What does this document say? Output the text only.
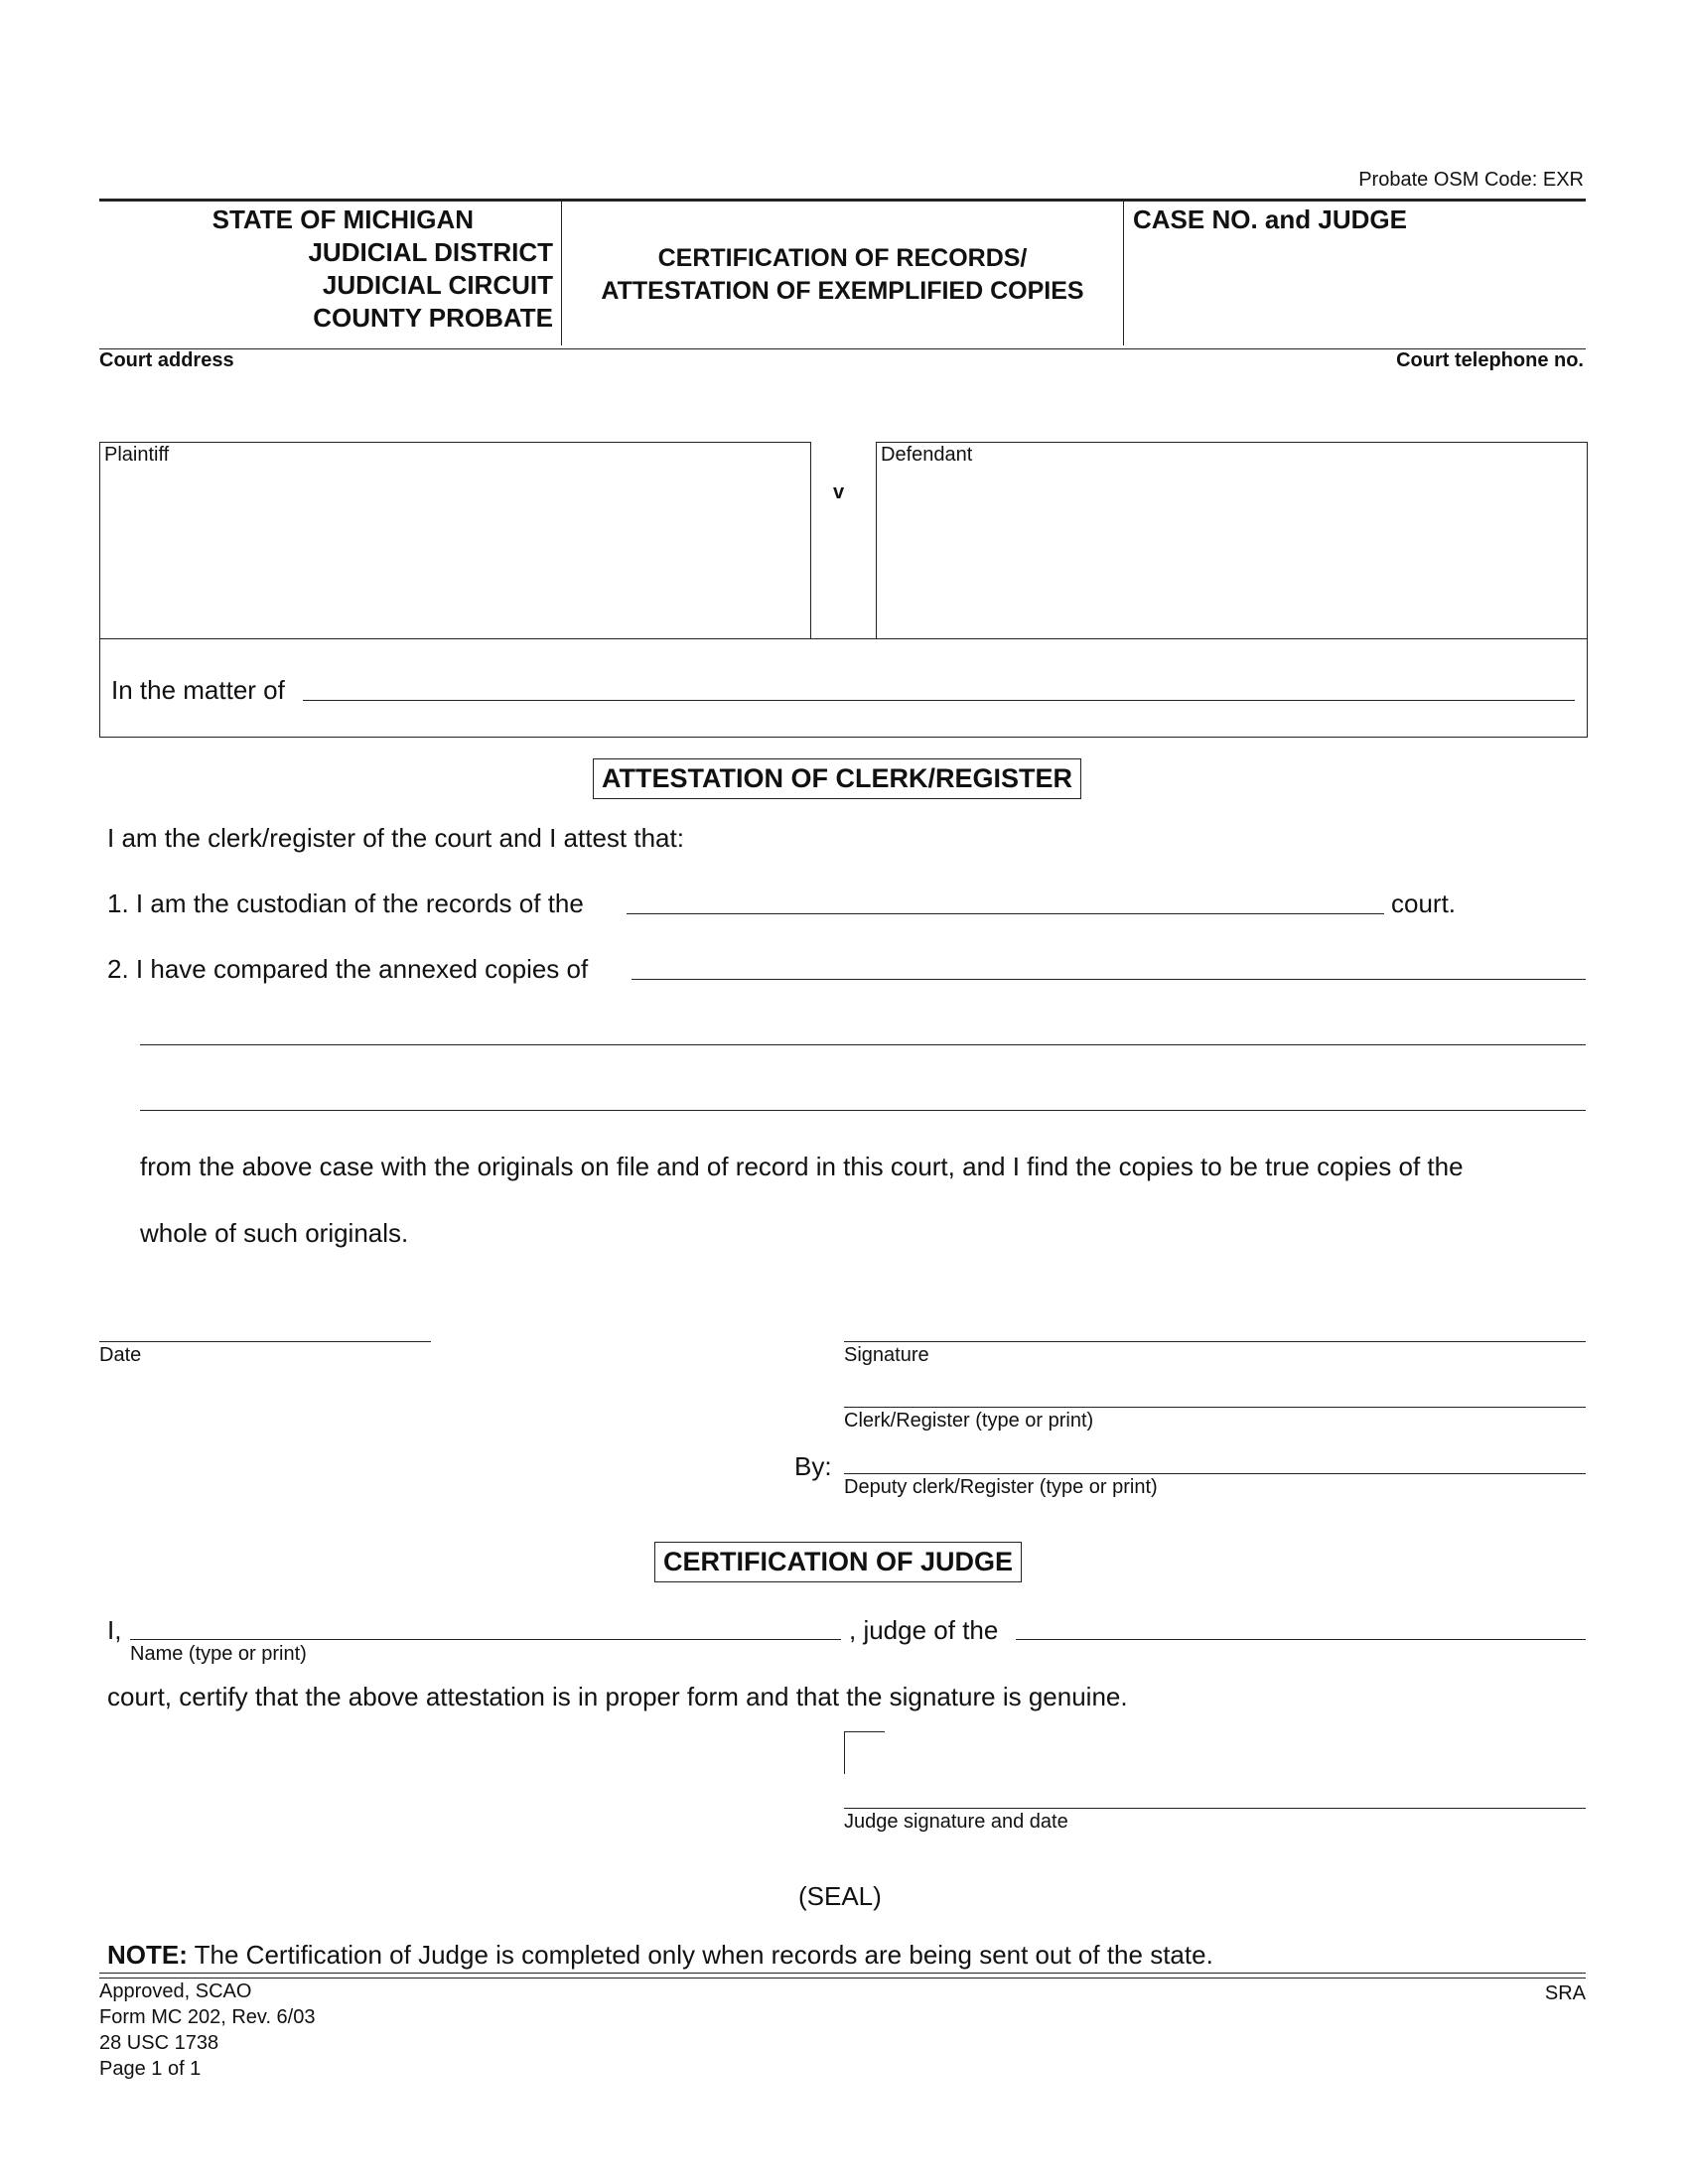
Probate OSM Code: EXR
STATE OF MICHIGAN
JUDICIAL DISTRICT
JUDICIAL CIRCUIT
COUNTY PROBATE
CERTIFICATION OF RECORDS/
ATTESTATION OF EXEMPLIFIED COPIES
CASE NO. and JUDGE
Court address	Court telephone no.
Plaintiff
v
Defendant
In the matter of
ATTESTATION OF CLERK/REGISTER
I am the clerk/register of the court and I attest that:
1. I am the custodian of the records of the	court.
2. I have compared the annexed copies of
from the above case with the originals on file and of record in this court, and I find the copies to be true copies of the
whole of such originals.
Date	Signature
Clerk/Register (type or print)
By:
Deputy clerk/Register (type or print)
CERTIFICATION OF JUDGE
I,
Name (type or print)
, judge of the
court, certify that the above attestation is in proper form and that the signature is genuine.
Judge signature and date
(SEAL)
NOTE: The Certification of Judge is completed only when records are being sent out of the state.
Approved, SCAO
Form MC 202, Rev. 6/03
28 USC 1738
Page 1 of 1
SRA
